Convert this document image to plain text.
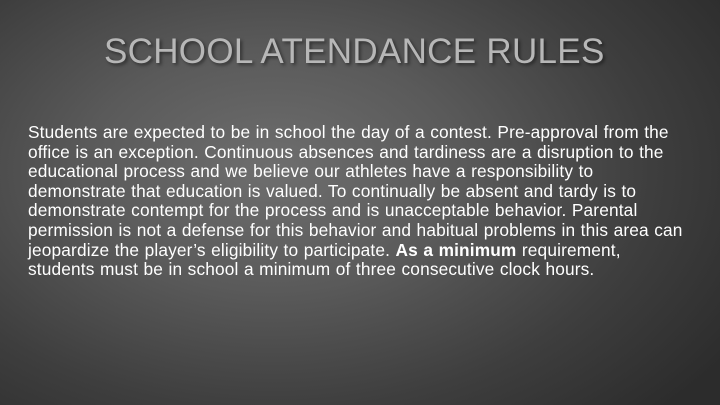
SCHOOL ATENDANCE RULES

Students are expected to be in school the day of a contest. Pre-approval from the office is an exception. Continuous absences and tardiness are a disruption to the educational process and we believe our athletes have a responsibility to demonstrate that education is valued. To continually be absent and tardy is to demonstrate contempt for the process and is unacceptable behavior. Parental permission is not a defense for this behavior and habitual problems in this area can jeopardize the player’s eligibility to participate. As a minimum requirement, students must be in school a minimum of three consecutive clock hours.
